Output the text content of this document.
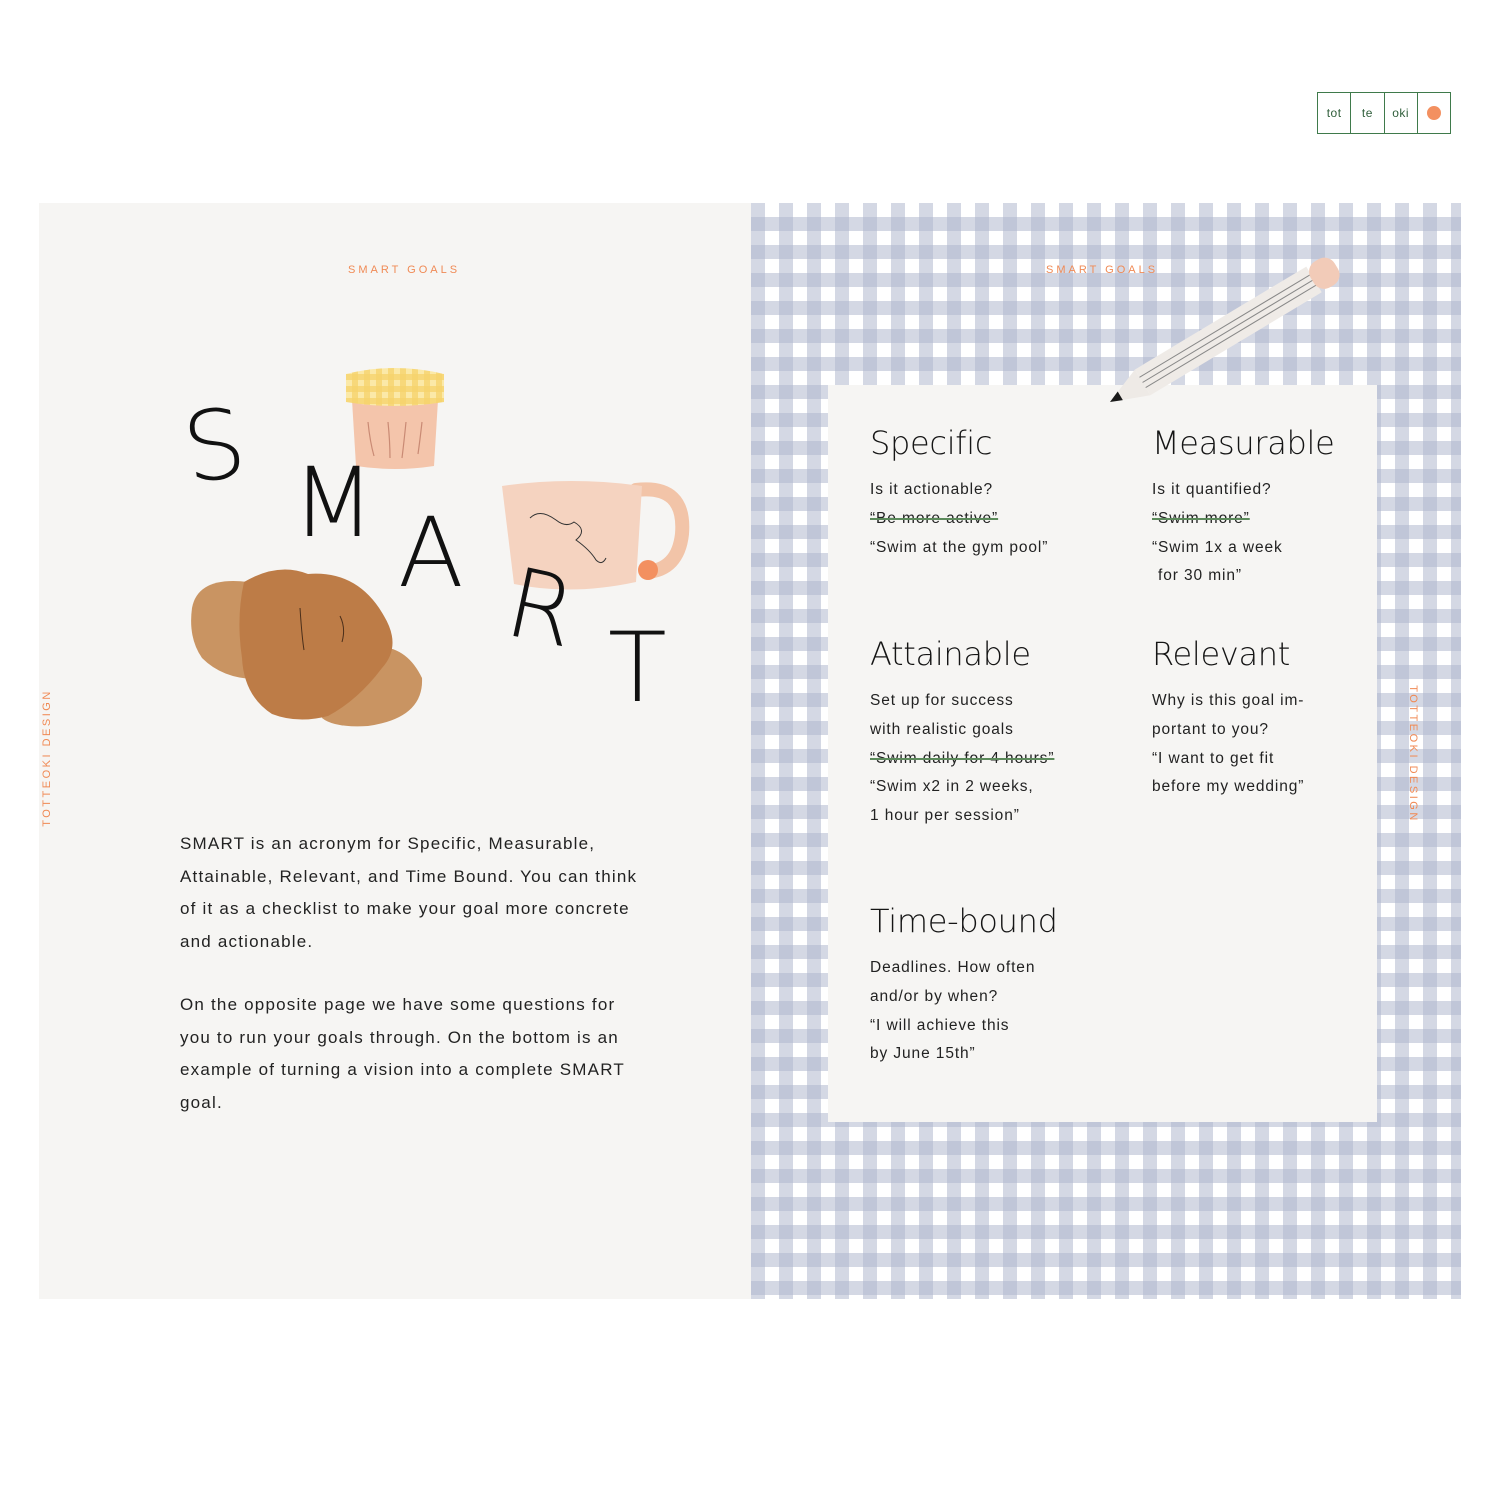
tot	te	oki
SMART GOALS
TOTTEOKI DESIGN
S M A R T

SMART is an acronym for Specific, Measurable, Attainable, Relevant, and Time Bound. You can think of it as a checklist to make your goal more concrete and actionable.

On the opposite page we have some questions for you to run your goals through. On the bottom is an example of turning a vision into a complete SMART goal.

SMART GOALS
TOTTEOKI DESIGN
Specific
Is it actionable?
“Be more active”
“Swim at the gym pool”
Measurable
Is it quantified?
“Swim more”
“Swim 1x a week
for 30 min”
Attainable
Set up for success
with realistic goals
“Swim daily for 4 hours”
“Swim x2 in 2 weeks,
1 hour per session”
Relevant
Why is this goal im-
portant to you?
“I want to get fit
before my wedding”
Time-bound
Deadlines. How often
and/or by when?
“I will achieve this
by June 15th”
